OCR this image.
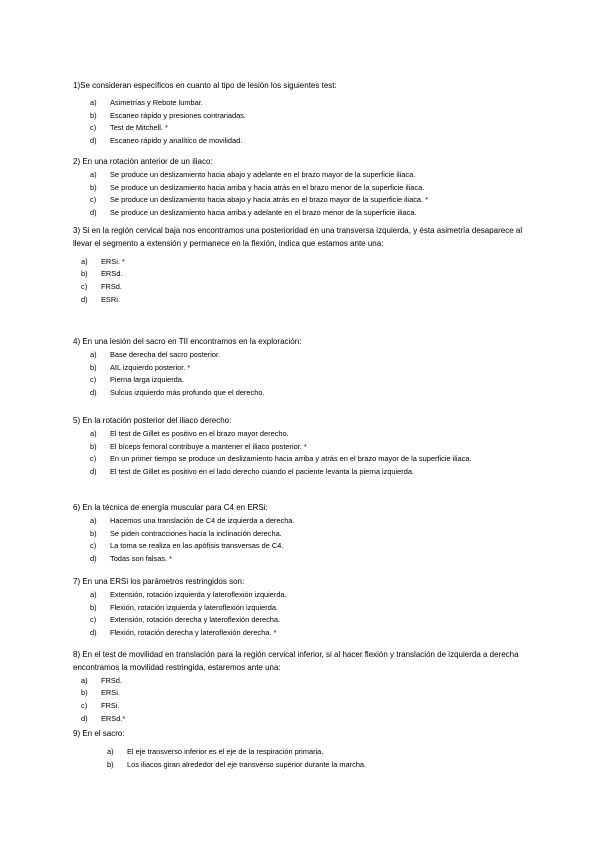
1)Se consideran específicos en cuanto al tipo de lesión los siguientes test:

a)	Asimetrías y Rebote lumbar.
b)	Escaneo rápido y presiones contrariadas.
c)	Test de Mitchell. *
d)	Escaneo rápido y analítico de movilidad.

2) En una rotación anterior de un iliaco:

a)	Se produce un deslizamiento hacia abajo y adelante en el brazo mayor de la superficie iliaca.
b)	Se produce un deslizamiento hacia arriba y hacia atrás en el brazo menor de la superficie iliaca.
c)	Se produce un deslizamiento hacia abajo y hacia atrás en el brazo mayor de la superficie iliaca. *
d)	Se produce un deslizamiento hacia arriba y adelante en el brazo menor de la superficie iliaca.

3) Si en la región cervical baja nos encontramos una posterioridad en una transversa izquierda, y ésta asimetría desaparece al llevar el segmento a extensión y permanece en la flexión, indica que estamos ante una:

a)	ERSi. *
b)	ERSd.
c)	FRSd.
d)	ESRi.

4) En una lesión del sacro en TII encontramos en la exploración:

a)	Base derecha del sacro posterior.
b)	AIL izquierdo posterior. *
c)	Pierna larga izquierda.
d)	Sulcus izquierdo más profundo que el derecho.

5) En la rotación posterior del iliaco derecho:

a)	El test de Gillet es positivo en el brazo mayor derecho.
b)	El bíceps femoral contribuye a mantener el iliaco posterior. *
c)	En un primer tiempo se produce un deslizamiento hacia arriba y atrás en el brazo mayor de la superficie iliaca.
d)	El test de Gillet es positivo en el lado derecho cuando el paciente levanta la pierna izquierda.

6) En la técnica de energía muscular para C4 en ERSi:

a)	Hacemos una translación de C4 de izquierda a derecha.
b)	Se piden contracciones hacia la inclinación derecha.
c)	La toma se realiza en las apófisis transversas de C4.
d)	Todas son falsas. *

7) En una ERSi los parámetros restringidos son:

a)	Extensión, rotación izquierda y lateroflexión izquierda.
b)	Flexión, rotación izquierda y lateroflexión izquierda.
c)	Extensión, rotación derecha y lateroflexión derecha.
d)	Flexión, rotación derecha y lateroflexión derecha. *

8) En el test de movilidad en translación para la región cervical inferior, si al hacer flexión y translación de izquierda a derecha encontramos la movilidad restringida, estaremos ante una:

a)	FRSd.
b)	ERSi.
c)	FRSi.
d)	ERSd.*

9) En el sacro:

a)	El eje transverso inferior es el eje de la respiración primaria.
b)	Los iliacos giran alrededor del eje transverso superior durante la marcha.
